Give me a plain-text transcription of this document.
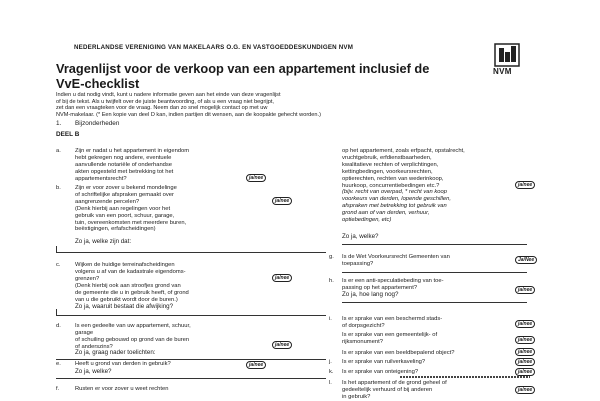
NEDERLANDSE VERENIGING VAN MAKELAARS O.G. EN VASTGOEDDESKUNDIGEN NVM
NVM
Vragenlijst voor de verkoop van een appartement inclusief de
VvE-checklist
Indien u dat nodig vindt, kunt u nadere informatie geven aan het einde van deze vragenlijst
of bij de tekst. Als u twijfelt over de juiste beantwoording, of als u een vraag niet begrijpt,
zet dan een vraagteken voor de vraag. Neem dan zo snel mogelijk contact op met uw
NVM-makelaar. (* Een kopie van deel D kan, indien partijen dit wensen, aan de koopakte gehecht worden.)
1. Bijzonderheden
DEEL B
a. Zijn er nadat u het appartement in eigendom
hebt gekregen nog andere, eventuele
aanvullende notariële of onderhandse
akten opgesteld met betrekking tot het
appartementsrecht?	ja/nee
b. Zijn er voor zover u bekend mondelinge
of schriftelijke afspraken gemaakt over
aangrenzende percelen?
(Denk hierbij aan regelingen voor het
gebruik van een poort, schuur, garage,
tuin, overeenkomsten met meerdere buren,
beëxtigingen, erfafscheidingen)
ja/nee
Zo ja, welke zijn dat:
c. Wijken de huidige terreinafscheidingen
volgens u af van de kadastrale eigendoms-
grenzen?
(Denk hierbij ook aan stroofjes grond van
de gemeente die u in gebruik heeft, of grond
van u die gebruikt wordt door de buren.)
ja/nee
Zo ja, waaruit bestaat die afwijking?
d. Is een gedeelte van uw appartement, schuur,
garage
of schuiling gebouwd op grond van de buren
of anderszins?	ja/nee
Zo ja, graag nader toelichten:
e. Heeft u grond van derden in gebruik?	ja/nee
Zo ja, welke?
f.	Rusten er voor zover u weet rechten
op het appartement, zoals erfpacht, opstalrecht,
vruchtgebruik, erfdienstbaarheden,
kwalitatieve rechten of verplichtingen,
kettingbedingen, voorkeursrechten,
optierechten, rechten van wederinkoop,
huurkoop, concurrentiebedingen etc.?
(bijv. recht van overpad, * recht van koop
voorkeurs van derden, lopende geschillen,
afspraken met betrekking tot gebruik van
grond aan of van derden, verhuur,
optiebedingen, etc)
ja/nee
Zo ja, welke?
g. Is de Wet Voorkeursrecht Gemeenten van
toepassing?
Ja/Nee
h. Is er een anti-speculatiebeding van toe-
passing op het appartement?	ja/nee
Zo ja, hoe lang nog?
i. Is er sprake van een beschermd stads-
of dorpsgezicht?
Is er sprake van een gemeentelijk- of
rijksmonument?
ja/nee
ja/nee
Is er sprake van een beeldbepalend object?	ja/nee
j. Is er sprake van ruilverkaveling?	ja/nee
k. Is er sprake van onteigening?	ja/nee
l. Is het appartement of de grond geheel of
gedeeltelijk verhuurd of bij anderen
in gebruik?
ja/nee
